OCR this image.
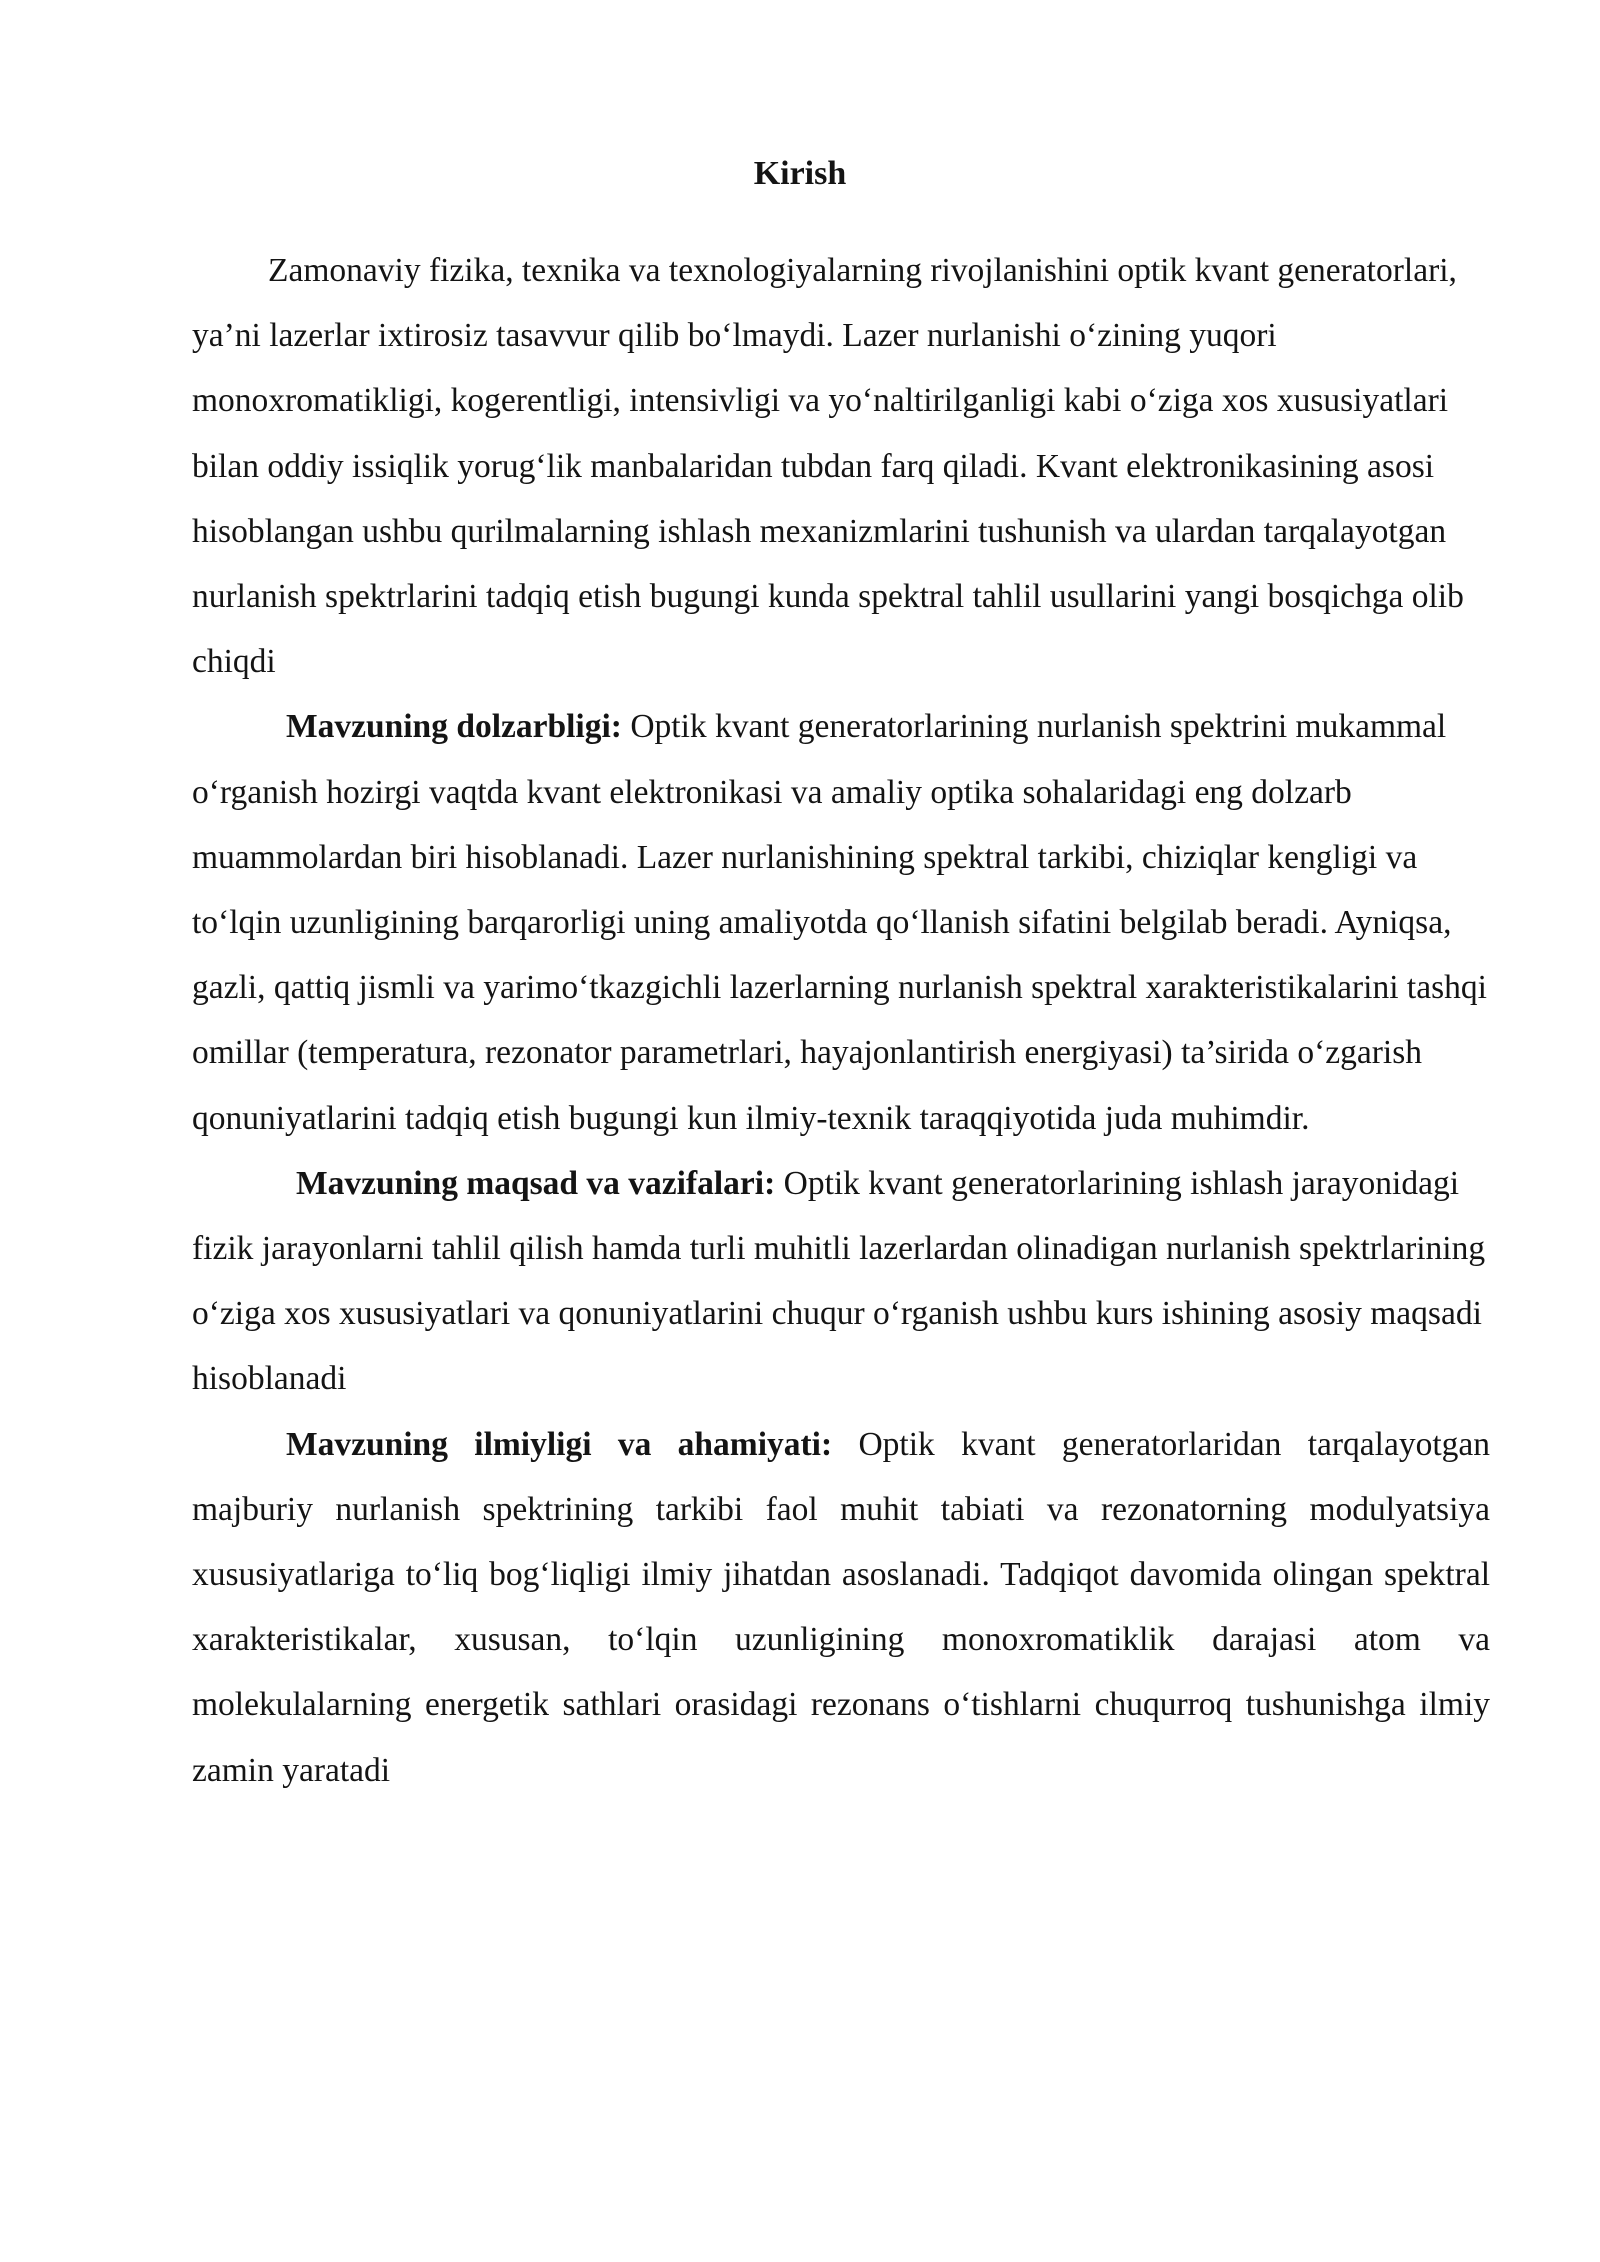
Kirish

Zamonaviy fizika, texnika va texnologiyalarning rivojlanishini optik kvant generatorlari, ya’ni lazerlar ixtirosiz tasavvur qilib bo‘lmaydi. Lazer nurlanishi o‘zining yuqori monoxromatikligi, kogerentligi, intensivligi va yo‘naltirilganligi kabi o‘ziga xos xususiyatlari bilan oddiy issiqlik yorug‘lik manbalaridan tubdan farq qiladi. Kvant elektronikasining asosi hisoblangan ushbu qurilmalarning ishlash mexanizmlarini tushunish va ulardan tarqalayotgan nurlanish spektrlarini tadqiq etish bugungi kunda spektral tahlil usullarini yangi bosqichga olib chiqdi

Mavzuning dolzarbligi: Optik kvant generatorlarining nurlanish spektrini mukammal o‘rganish hozirgi vaqtda kvant elektronikasi va amaliy optika sohalaridagi eng dolzarb muammolardan biri hisoblanadi. Lazer nurlanishining spektral tarkibi, chiziqlar kengligi va to‘lqin uzunligining barqarorligi uning amaliyotda qo‘llanish sifatini belgilab beradi. Ayniqsa, gazli, qattiq jismli va yarimo‘tkazgichli lazerlarning nurlanish spektral xarakteristikalarini tashqi omillar (temperatura, rezonator parametrlari, hayajonlantirish energiyasi) ta’sirida o‘zgarish qonuniyatlarini tadqiq etish bugungi kun ilmiy-texnik taraqqiyotida juda muhimdir.

Mavzuning maqsad va vazifalari: Optik kvant generatorlarining ishlash jarayonidagi fizik jarayonlarni tahlil qilish hamda turli muhitli lazerlardan olinadigan nurlanish spektrlarining o‘ziga xos xususiyatlari va qonuniyatlarini chuqur o‘rganish ushbu kurs ishining asosiy maqsadi hisoblanadi

Mavzuning ilmiyligi va ahamiyati: Optik kvant generatorlaridan tarqalayotgan majburiy nurlanish spektrining tarkibi faol muhit tabiati va rezonatorning modulyatsiya xususiyatlariga to‘liq bog‘liqligi ilmiy jihatdan asoslanadi. Tadqiqot davomida olingan spektral xarakteristikalar, xususan, to‘lqin uzunligining monoxromatiklik darajasi atom va molekulalarning energetik sathlari orasidagi rezonans o‘tishlarni chuqurroq tushunishga ilmiy zamin yaratadi
